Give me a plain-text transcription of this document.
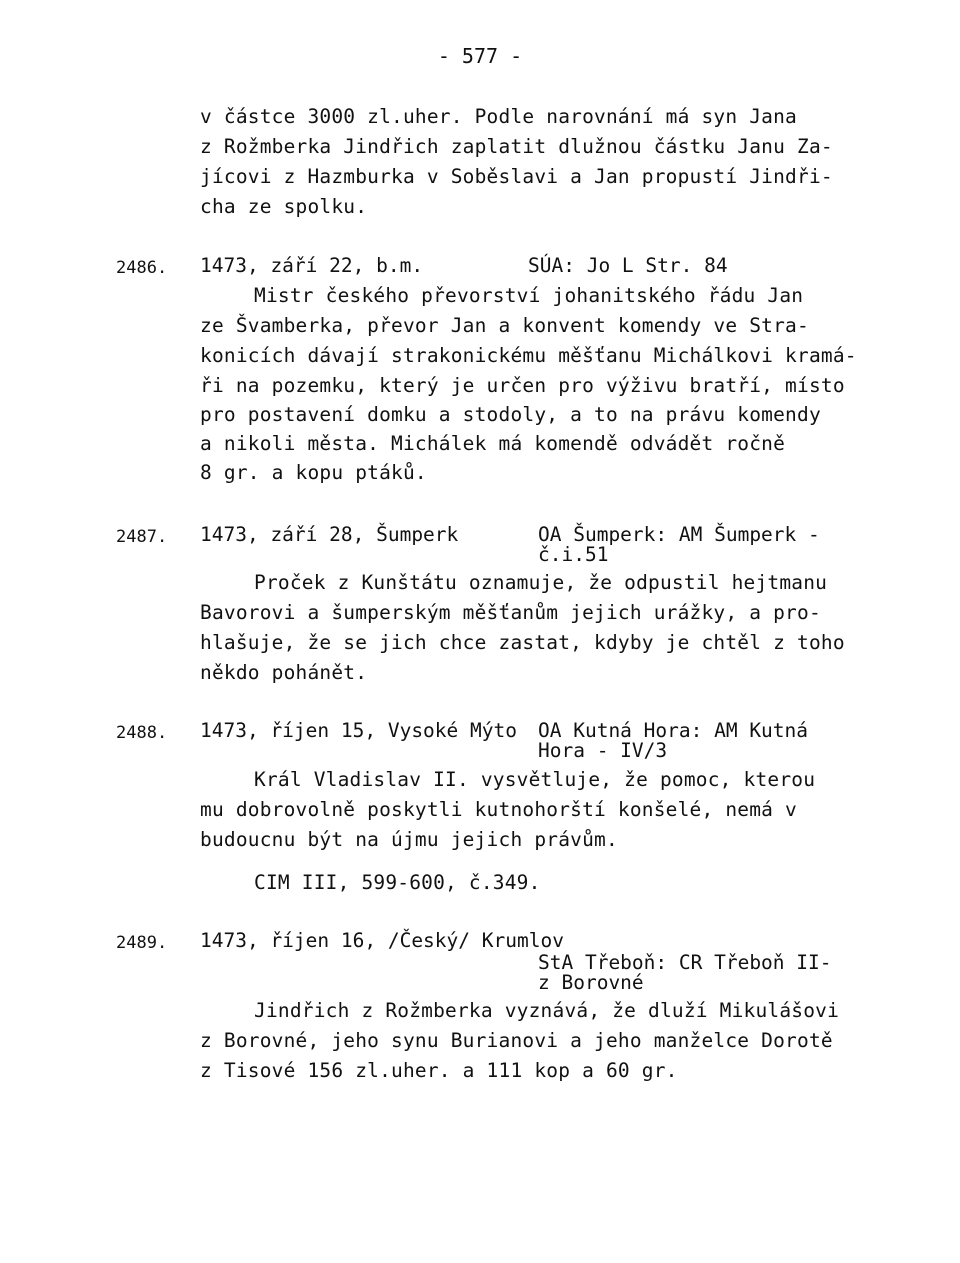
- 577 -
v částce 3000 zl.uher. Podle narovnání má syn Jana
z Rožmberka Jindřich zaplatit dlužnou částku Janu Za-
jícovi z Hazmburka v Soběslavi a Jan propustí Jindři-
cha ze spolku.
2486. 1473, září 22, b.m.	SÚA: Jo L Str. 84
Mistr českého převorství johanitského řádu Jan
ze Švamberka, převor Jan a konvent komendy ve Stra-
konicích dávají strakonickému měšťanu Michálkovi kramá-
ři na pozemku, který je určen pro výživu bratří, místo
pro postavení domku a stodoly, a to na právu komendy
a nikoli města. Michálek má komendě odvádět ročně
8 gr. a kopu ptáků.
2487. 1473, září 28, Šumperk	OA Šumperk: AM Šumperk -
č.i.51
Proček z Kunštátu oznamuje, že odpustil hejtmanu
Bavorovi a šumperským měšťanům jejich urážky, a pro-
hlašuje, že se jich chce zastat, kdyby je chtěl z toho
někdo pohánět.
2488. 1473, říjen 15, Vysoké Mýto OA Kutná Hora: AM Kutná
Hora - IV/3
Král Vladislav II. vysvětluje, že pomoc, kterou
mu dobrovolně poskytli kutnohorští konšelé, nemá v
budoucnu být na újmu jejich právům.
CIM III, 599-600, č.349.
2489. 1473, říjen 16, /Český/ Krumlov
StA Třeboň: CR Třeboň II-
z Borovné
Jindřich z Rožmberka vyznává, že dluží Mikulášovi
z Borovné, jeho synu Burianovi a jeho manželce Dorotě
z Tisové 156 zl.uher. a 111 kop a 60 gr.
